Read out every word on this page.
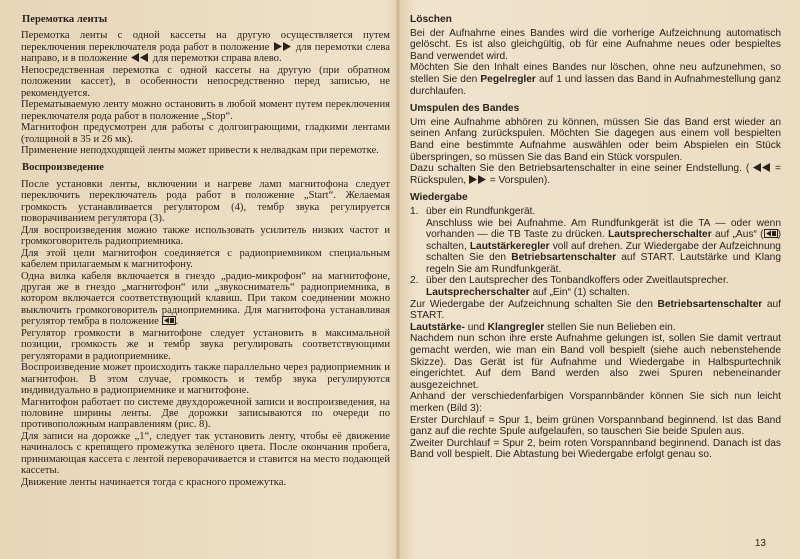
Перемотка ленты

Перемотка ленты с одной кассеты на другую осуществляется путем переключения переключателя рода работ в положение	для перемотки слева направо, и в положение для перемотки справа влево.

Непосредственная перемотка с одной кассеты на другую (при обратном положении кассет), в особенности непосредственно перед записью, не рекомендуется.

Перематываемую ленту можно остановить в любой момент путем переключения переключателя рода работ в положение „Stop“.

Магнитофон предусмотрен для работы с долгоиграющими, гладкими лентами (толщиной в 35 и 26 мк).

Применение неподходящей ленты может привести к нелвадкам при перемотке.

Воспроизведение

После установки ленты, включении и нагреве ламп магнитофона следует переключить переключатель рода работ в положение „Start“. Желаемая громкость устанавливается регулятором (4), тембр звука регулируется поворачиванием регулятора (3).

Для воспроизведения можно также использовать усилитель низких частот и громкоговоритель радиоприемника.

Для этой цели магнитофон соединяется с радиоприемником специальным кабелем прилагаемым к магнитофону.

Одна вилка кабеля включается в гнездо „радио-микрофон“ на магнитофоне, другая же в гнездо „магнитофон“ или „звукосниматель“ радиоприемника, в котором включается соответствующий клавиш. При таком соединении можно выключить громкоговоритель радиоприемника. Для магнитофона устанавливая регулятор тембра в положение .

Регулятор громкости в магнитофоне следует установить в максимальной позиции, громкость же и тембр звука регулировать соответствующими регуляторами в радиоприемнике.

Воспроизведение может происходить также параллельно через радиоприемник и магнитофон. В этом случае, громкость и тембр звука регулируются индивидуально в радиоприемнике и магнитофоне.

Магнитофон работает по системе двухдорожечной записи и воспроизведения, на половине ширины ленты. Две дорожки записываются по очереди по противоположным направлениям (рис. 8).

Для записи на дорожке „1“, следует так установить ленту, чтобы её движение начиналось с крепящего промежутка зелёного цвета. После окончания пробега, принимающая кассета с лентой переворачивается и ставится на место подающей кассеты.

Движение ленты начинается тогда с красного промежутка.

Löschen

Bei der Aufnahme eines Bandes wird die vorherige Aufzeichnung automatisch gelöscht. Es ist also gleichgültig, ob für eine Aufnahme neues oder bespieltes Band verwendet wird.

Möchten Sie den Inhalt eines Bandes nur löschen, ohne neu aufzunehmen, so stellen Sie den Pegelregler auf 1 und lassen das Band in Aufnahmestellung ganz durchlaufen.

Umspulen des Bandes

Um eine Aufnahme abhören zu können, müssen Sie das Band erst wieder an seinen Anfang zurückspulen. Möchten Sie dagegen aus einem voll bespielten Band eine bestimmte Aufnahme auswählen oder beim Abspielen ein Stück überspringen, so müssen Sie das Band ein Stück vorspulen.

Dazu schalten Sie den Betriebsartenschalter in eine seiner Endstellung. (	= Rückspulen, = Vorspulen).

Wiedergabe

1. über ein Rundfunkgerät.
Anschluss wie bei Aufnahme. Am Rundfunkgerät ist die TA — oder wenn vorhanden — die TB Taste zu drücken. Lautsprecherschalter auf „Aus“ ( ) schalten, Lautstärkeregler voll auf drehen. Zur Wiedergabe der Aufzeichnung schalten Sie den Betriebsartenschalter auf START. Lautstärke und Klang regeln Sie am Rundfunkgerät.
2. über den Lautsprecher des Tonbandkoffers oder Zweitlautsprecher.
Lautsprecherschalter auf „Ein“ (1) schalten.

Zur Wiedergabe der Aufzeichnung schalten Sie den Betriebsartenschalter auf START.

Lautstärke- und Klangregler stellen Sie nun Belieben ein.

Nachdem nun schon ihre erste Aufnahme gelungen ist, sollen Sie damit vertraut gemacht werden, wie man ein Band voll bespielt (siehe auch nebenstehende Skizze). Das Gerät ist für Aufnahme und Wiedergabe in Halbspurtechnik eingerichtet. Auf dem Band werden also zwei Spuren nebeneinander ausgezeichnet.

Anhand der verschiedenfarbigen Vorspannbänder können Sie sich nun leicht merken (Bild 3):

Erster Durchlauf = Spur 1, beim grünen Vorspannband beginnend. Ist das Band ganz auf die rechte Spule aufgelaufen, so tauschen Sie beide Spulen aus.

Zweiter Durchlauf = Spur 2, beim roten Vorspannband beginnend. Danach ist das Band voll bespielt. Die Abtastung bei Wiedergabe erfolgt genau so.

13
